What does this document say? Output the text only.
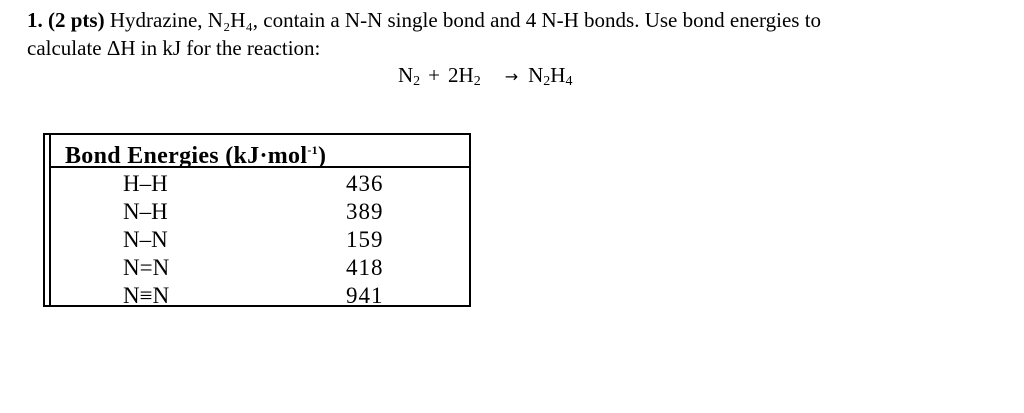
1. (2 pts) Hydrazine, N₂H₄, contain a N-N single bond and 4 N-H bonds. Use bond energies to
calculate ΔH in kJ for the reaction:
N2 + 2H2 → N2H4
Bond Energies (kJ·mol$^{-1}$)
H–H	436
N–H	389
N–N	159
N=N	418
N≡N	941
